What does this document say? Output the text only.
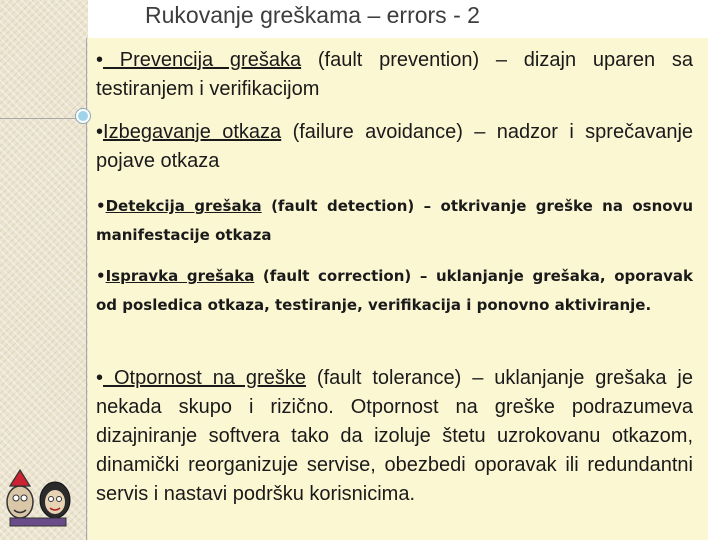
Rukovanje greškama – errors - 2

• Prevencija grešaka (fault prevention) – dizajn uparen sa testiranjem i verifikacijom

•Izbegavanje otkaza (failure avoidance) – nadzor i sprečavanje pojave otkaza

•Detekcija grešaka (fault detection) – otkrivanje greške na osnovu manifestacije otkaza

•Ispravka grešaka (fault correction) – uklanjanje grešaka, oporavak od posledica otkaza, testiranje, verifikacija i ponovno aktiviranje.

• Otpornost na greške (fault tolerance) – uklanjanje grešaka je nekada skupo i rizično. Otpornost na greške podrazumeva dizajniranje softvera tako da izoluje štetu uzrokovanu otkazom, dinamički reorganizuje servise, obezbedi oporavak ili redundantni servis i nastavi podršku korisnicima.
